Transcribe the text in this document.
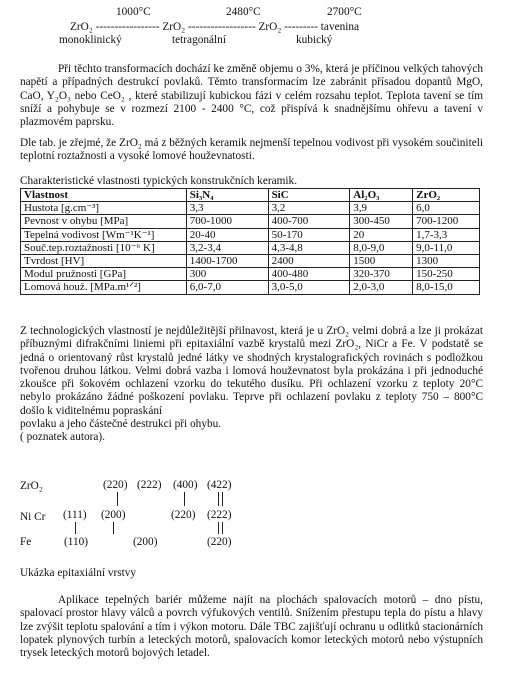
1000°C	2480°C	2700°C
ZrO₂ ----------------- ZrO₂ ------------------ ZrO₂ --------- tavenina
monoklinický	tetragonální	kubický

Při těchto transformacích dochází ke změně objemu o 3%, která je příčinou velkých tahových napětí a případných destrukcí povlaků. Těmto transformacím lze zabránit přísadou dopantů MgO, CaO, Y₂O₃ nebo CeO₂ , které stabilizují kubickou fázi v celém rozsahu teplot. Teplota tavení se tím sníží a pohybuje se v rozmezí 2100 - 2400 °C, což přispívá k snadnějšímu ohřevu a tavení v plazmovém paprsku.

Dle tab. je zřejmé, že ZrO₂ má z běžných keramik nejmenší tepelnou vodivost při vysokém součiniteli teplotní roztažnosti a vysoké lomové houževnatosti.

Charakteristické vlastnosti typických konstrukčních keramik.
Vlastnost	Si₃N₄	SiC	Al₂O₃	ZrO₂
Hustota [g.cm⁻³]	3,3	3,2	3,9	6,0
Pevnost v ohybu [MPa]	700-1000	400-700	300-450	700-1200
Tepelná vodivost [Wm⁻¹K⁻¹]	20-40	50-170	20	1,7-3,3
Souč.tep.roztažnosti [10⁻⁶ K]	3,2-3,4	4,3-4,8	8,0-9,0	9,0-11,0
Tvrdost [HV]	1400-1700	2400	1500	1300
Modul pružnosti [GPa]	300	400-480	320-370	150-250
Lomová houž. [MPa.m¹ᐟ²]	6,0-7,0	3,0-5,0	2,0-3,0	8,0-15,0

Z technologických vlastností je nejdůležitější přilnavost, která je u ZrO₂ velmi dobrá a lze ji prokázat příbuznými difrakčními liniemi při epitaxiální vazbě krystalů mezi ZrO₂, NiCr a Fe. V podstatě se jedná o orientovaný růst krystalů jedné látky ve shodných krystalografických rovinách s podložkou tvořenou druhou látkou. Velmi dobrá vazba i lomová houževnatost byla prokázána i při jednoduché zkoušce při šokovém ochlazení vzorku do tekutého dusíku. Při ochlazení vzorku z teploty 20°C nebylo prokázáno žádné poškození povlaku. Teprve při ochlazení povlaku z teploty 750 – 800°C došlo k viditelnému popraskání

povlaku a jeho částečné destrukci při ohybu.
( poznatek autora).
ZrO₂
Ni Cr
Fe
(220) (222) (400) (422)
(111) (200)	(220) (222)
(110)	(200)	(220)
Ukázka epitaxiální vrstvy

Aplikace tepelných bariér můžeme najít na plochách spalovacích motorů – dno pístu, spalovací prostor hlavy válců a povrch výfukových ventilů. Snížením přestupu tepla do pístu a hlavy lze zvýšit teplotu spalování a tím i výkon motoru. Dále TBC zajišťují ochranu u odlitků stacionárních lopatek plynových turbín a leteckých motorů, spalovacích komor leteckých motorů nebo výstupních trysek leteckých motorů bojových letadel.
